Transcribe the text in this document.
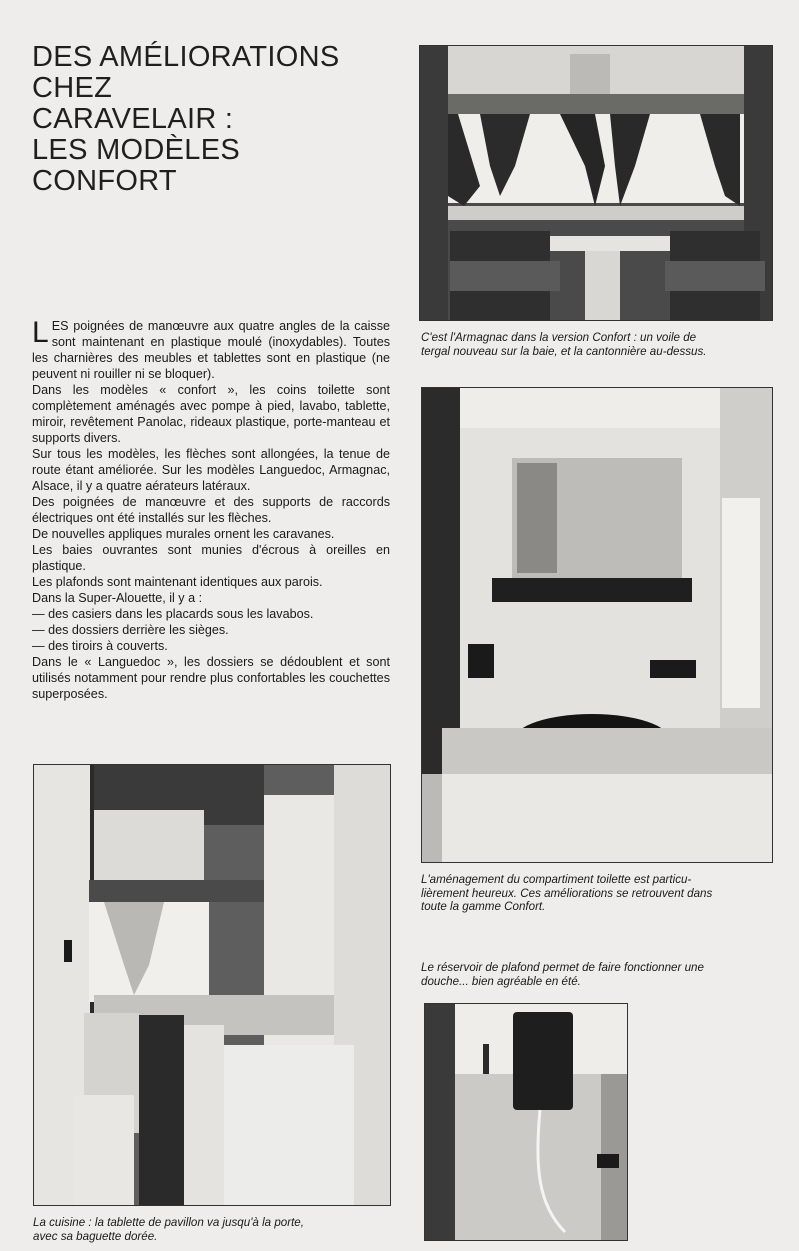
DES AMÉLIORATIONS
CHEZ
CARAVELAIR :
LES MODÈLES
CONFORT

LES poignées de manœuvre aux quatre angles de la caisse sont maintenant en plastique moulé (inoxydables). Toutes les charnières des meubles et tablettes sont en plastique (ne peuvent ni rouiller ni se bloquer).

Dans les modèles « confort », les coins toilette sont complètement aménagés avec pompe à pied, lavabo, tablette, miroir, revêtement Panolac, rideaux plastique, porte-manteau et supports divers.

Sur tous les modèles, les flèches sont allongées, la tenue de route étant améliorée. Sur les modèles Languedoc, Armagnac, Alsace, il y a quatre aérateurs latéraux.

Des poignées de manœuvre et des supports de raccords électriques ont été installés sur les flèches.

De nouvelles appliques murales ornent les caravanes.

Les baies ouvrantes sont munies d'écrous à oreilles en plastique.

Les plafonds sont maintenant identiques aux parois.

Dans la Super-Alouette, il y a :

— des casiers dans les placards sous les lavabos.

— des dossiers derrière les sièges.

— des tiroirs à couverts.

Dans le « Languedoc », les dossiers se dédoublent et sont utilisés notamment pour rendre plus confortables les couchettes superposées.

C'est l'Armagnac dans la version Confort : un voile de
tergal nouveau sur la baie, et la cantonnière au-dessus.

L'aménagement du compartiment toilette est particu-
lièrement heureux. Ces améliorations se retrouvent dans
toute la gamme Confort.

Le réservoir de plafond permet de faire fonctionner une
douche... bien agréable en été.

La cuisine : la tablette de pavillon va jusqu'à la porte,
avec sa baguette dorée.
